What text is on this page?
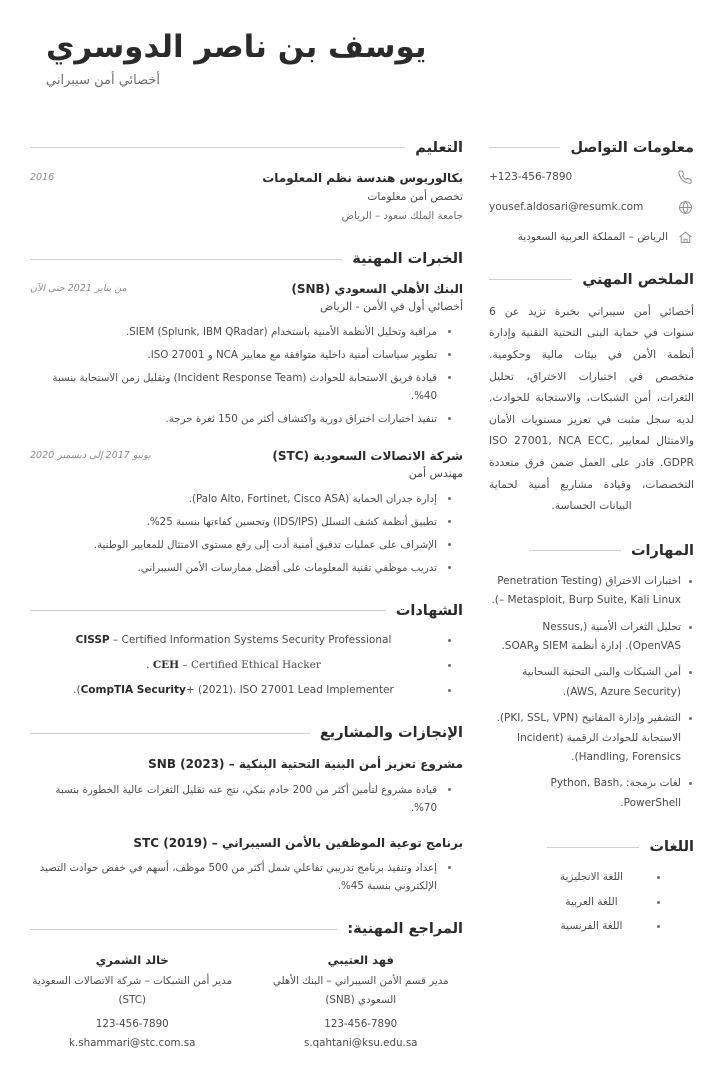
يوسف بن ناصر الدوسري
أخصائي أمن سيبراني
معلومات التواصل
+123-456-7890
yousef.aldosari@resumk.com
الرياض – المملكة العربية السعودية
الملخص المهني
أخصائي أمن سيبراني بخبرة تزيد عن 6 سنوات في حماية البنى التحتية التقنية وإدارة أنظمة الأمن في بيئات مالية وحكومية. متخصص في اختبارات الاختراق، تحليل الثغرات، أمن الشبكات، والاستجابة للحوادث. لديه سجل مثبت في تعزيز مستويات الأمان والامتثال لمعايير ISO 27001, NCA ECC, GDPR. قادر على العمل ضمن فرق متعددة التخصصات، وقيادة مشاريع أمنية لحماية البيانات الحساسة.
المهارات
اختبارات الاختراق (Penetration Testing – Metasploit, Burp Suite, Kali Linux).
تحليل الثغرات الأمنية (Nessus, OpenVAS). إدارة أنظمة SIEM وSOAR.
أمن الشبكات والبنى التحتية السحابية (AWS, Azure Security).
التشفير وإدارة المفاتيح (PKI, SSL, VPN). الاستجابة للحوادث الرقمية (Incident Handling, Forensics).
لغات برمجة: Python, Bash, PowerShell.
اللغات
اللغة الانجليزية
اللغة العربية
اللغة الفرنسية
التعليم
بكالوريوس هندسة نظم المعلومات
تخصص أمن معلومات
جامعة الملك سعود – الرياض
2016
الخبرات المهنية
البنك الأهلي السعودي (SNB)
أخصائي أول في الأمن - الرياض
من يناير 2021 حتى الآن
مراقبة وتحليل الأنظمة الأمنية باستخدام SIEM (Splunk, IBM QRadar).
تطوير سياسات أمنية داخلية متوافقة مع معايير NCA و ISO 27001.
قيادة فريق الاستجابة للحوادث (Incident Response Team) وتقليل زمن الاستجابة بنسبة 40%.
تنفيذ اختبارات اختراق دورية واكتشاف أكثر من 150 ثغرة حرجة.
شركة الاتصالات السعودية (STC)
مهندس أمن
يونيو 2017 إلى ديسمبر 2020
إدارة جدران الحماية (Palo Alto, Fortinet, Cisco ASA).
تطبيق أنظمة كشف التسلل (IDS/IPS) وتحسين كفاءتها بنسبة 25%.
الإشراف على عمليات تدقيق أمنية أدت إلى رفع مستوى الامتثال للمعايير الوطنية.
تدريب موظفي تقنية المعلومات على أفضل ممارسات الأمن السيبراني.
الشهادات
CISSP – Certified Information Systems Security Professional
CEH – Certified Ethical Hacker .
CompTIA Security+ (2021). ISO 27001 Lead Implementer).
الإنجازات والمشاريع
مشروع تعزيز أمن البنية التحتية البنكية – (SNB (2023
قيادة مشروع لتأمين أكثر من 200 خادم بنكي، نتج عنه تقليل الثغرات عالية الخطورة بنسبة 70%.
برنامج توعية الموظفين بالأمن السيبراني – (STC (2019
إعداد وتنفيذ برنامج تدريبي تفاعلي شمل أكثر من 500 موظف، أسهم في خفض حوادث التصيد الإلكتروني بنسبة 45%.
المراجع المهنية:
فهد العتيبي
مدير قسم الأمن السيبراني – البنك الأهلي السعودي (SNB)
123-456-7890
s.qahtani@ksu.edu.sa
خالد الشمري
مدير أمن الشبكات – شركة الاتصالات السعودية (STC)
123-456-7890
k.shammari@stc.com.sa
